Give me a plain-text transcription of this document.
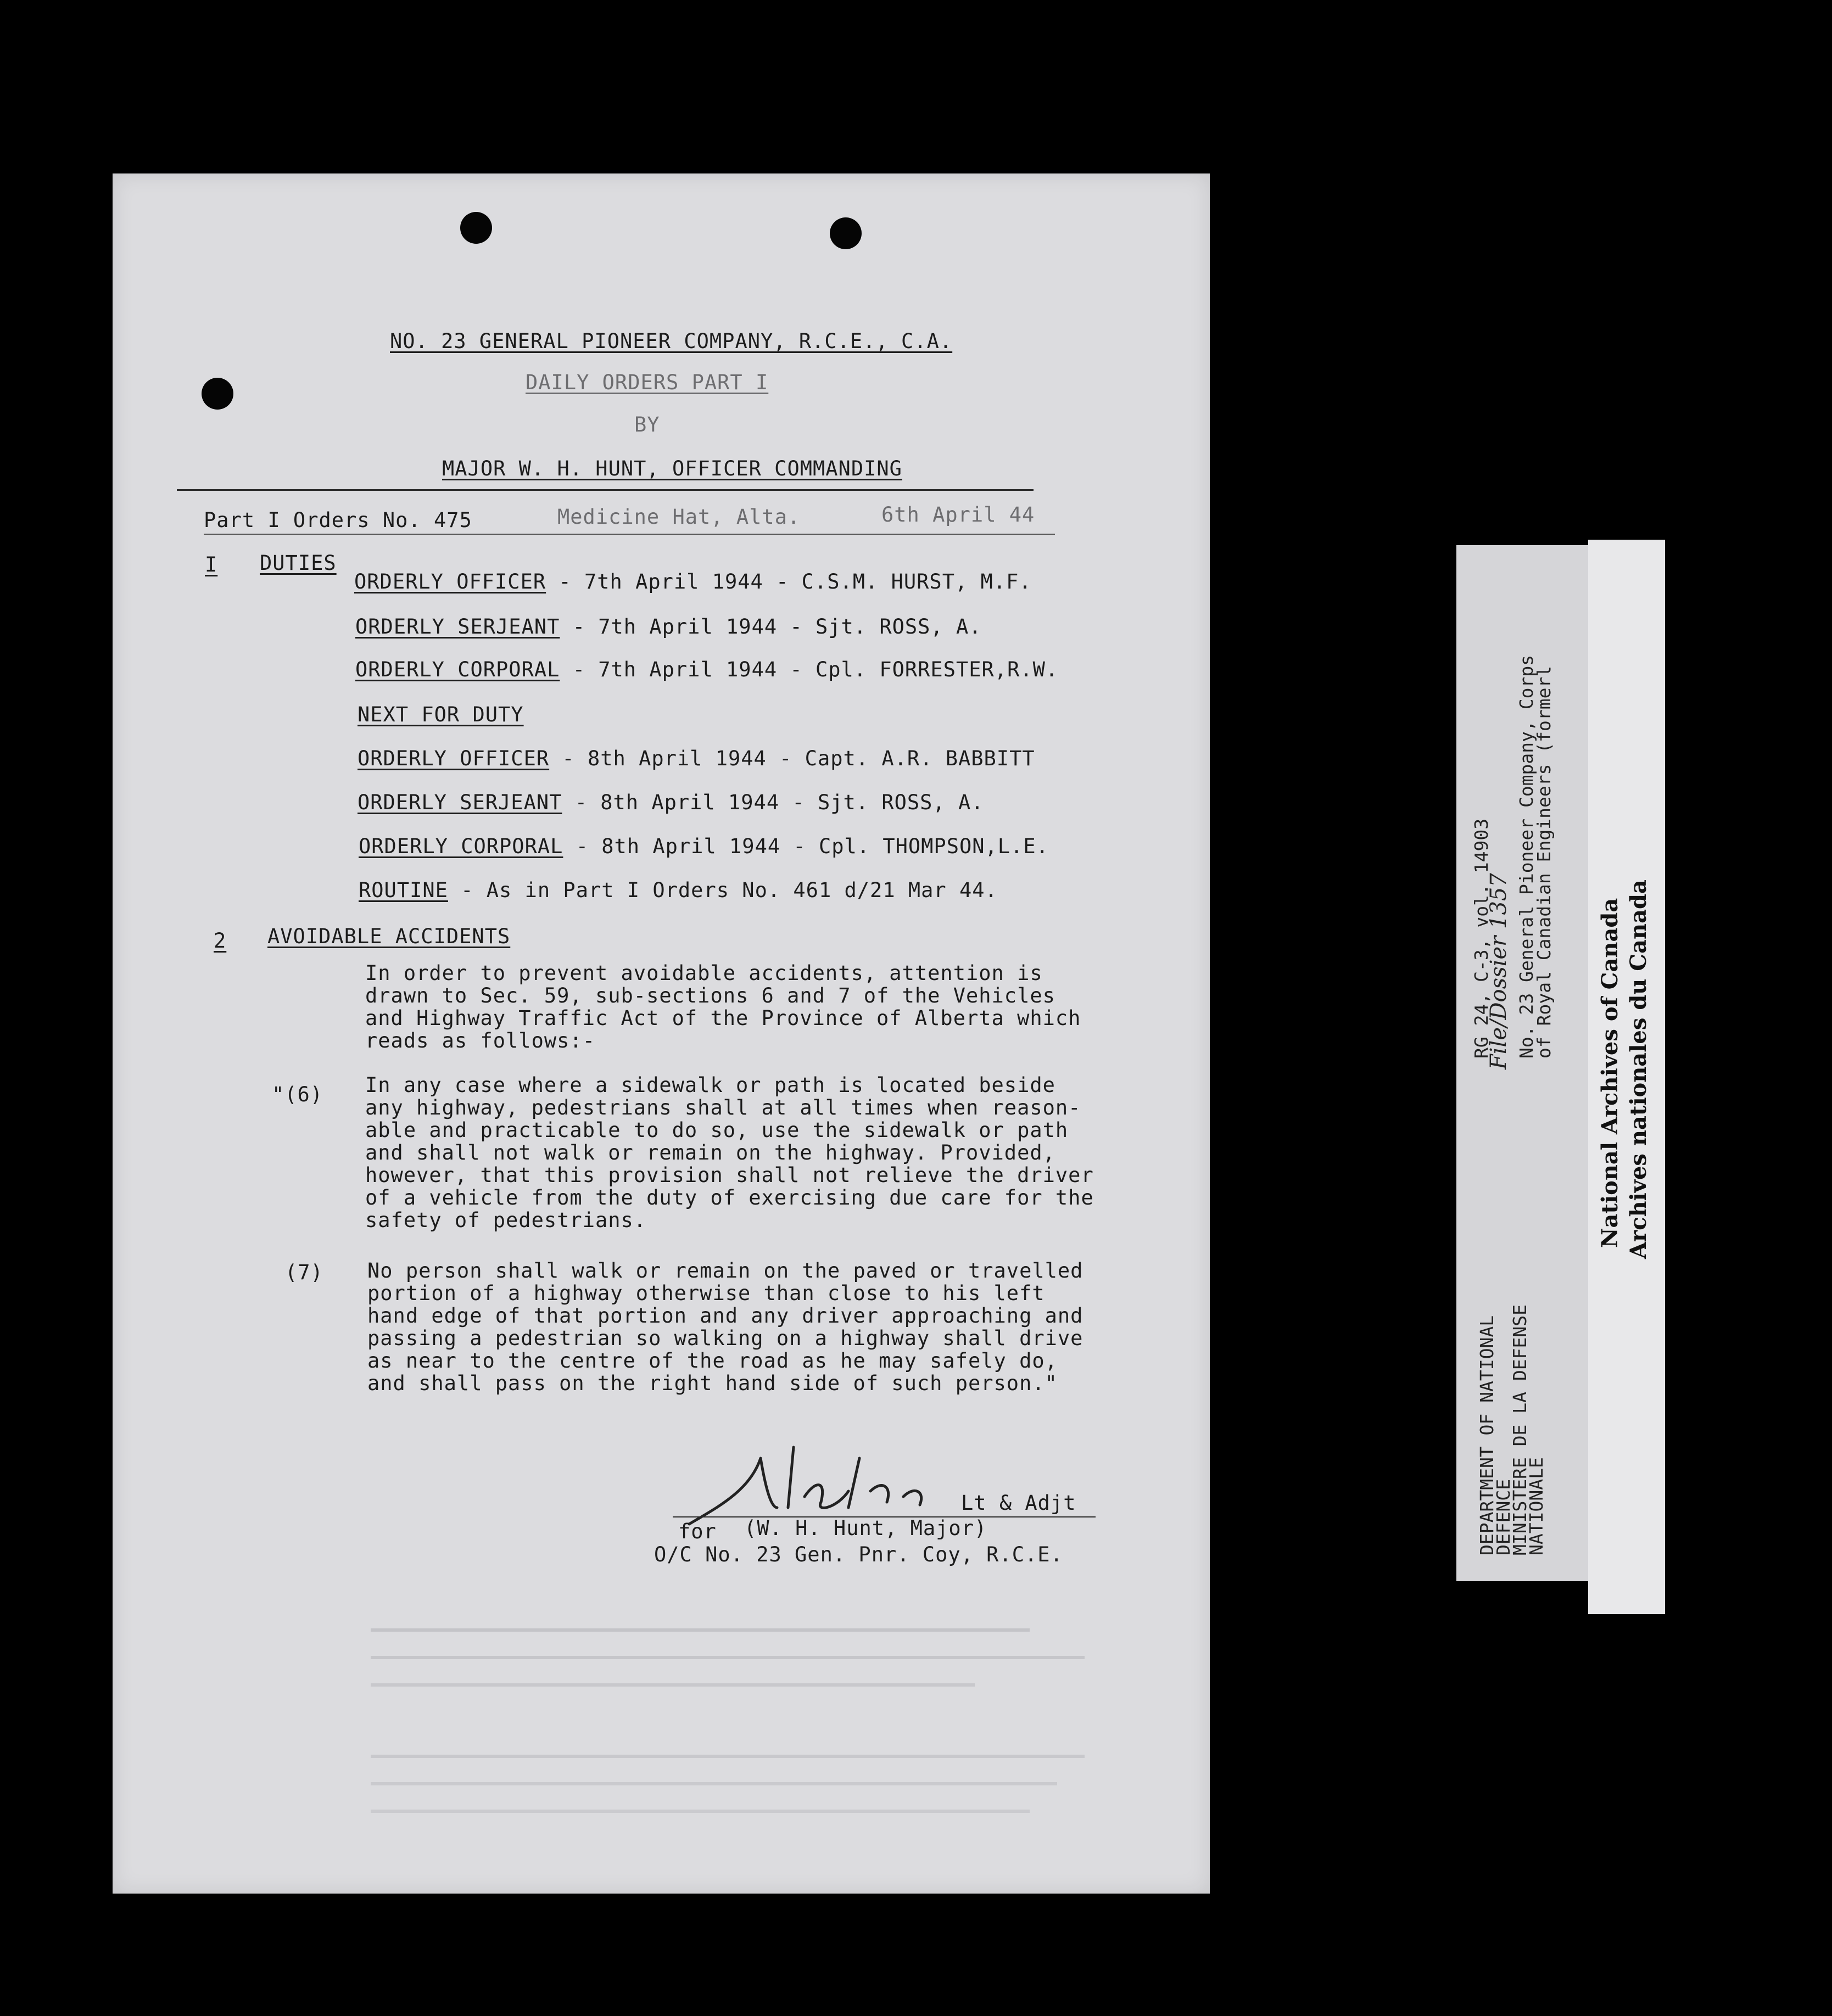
NO. 23 GENERAL PIONEER COMPANY, R.C.E., C.A.
DAILY ORDERS PART I
BY
MAJOR W. H. HUNT, OFFICER COMMANDING
Part I Orders No. 475	Medicine Hat, Alta.	6th April 44
I DUTIES
ORDERLY OFFICER - 7th April 1944 - C.S.M. HURST, M.F.
ORDERLY SERJEANT - 7th April 1944 - Sjt. ROSS, A.
ORDERLY CORPORAL - 7th April 1944 - Cpl. FORRESTER,R.W.
NEXT FOR DUTY
ORDERLY OFFICER - 8th April 1944 - Capt. A.R. BABBITT
ORDERLY SERJEANT - 8th April 1944 - Sjt. ROSS, A.
ORDERLY CORPORAL - 8th April 1944 - Cpl. THOMPSON,L.E.
ROUTINE - As in Part I Orders No. 461 d/21 Mar 44.
2 AVOIDABLE ACCIDENTS
In order to prevent avoidable accidents, attention is
drawn to Sec. 59, sub-sections 6 and 7 of the Vehicles
and Highway Traffic Act of the Province of Alberta which
reads as follows:-
"(6) In any case where a sidewalk or path is located beside
any highway, pedestrians shall at all times when reason-
able and practicable to do so, use the sidewalk or path
and shall not walk or remain on the highway. Provided,
however, that this provision shall not relieve the driver
of a vehicle from the duty of exercising due care for the
safety of pedestrians.
(7) No person shall walk or remain on the paved or travelled
portion of a highway otherwise than close to his left
hand edge of that portion and any driver approaching and
passing a pedestrian so walking on a highway shall drive
as near to the centre of the road as he may safely do,
and shall pass on the right hand side of such person."
Lt & Adjt
for (W. H. Hunt, Major)
O/C No. 23 Gen. Pnr. Coy, R.C.E.	DEPARTMENT OF NATIONAL
DEFENCE
MINISTERE DE LA DEFENSE
NATIONALE
RG 24, C-3, vol. 14903
File/Dossier 1357 No. 23 General Pioneer Company, Corps
of Royal Canadian Engineers (formerl
National Archives of Canada Archives nationales du Canada
